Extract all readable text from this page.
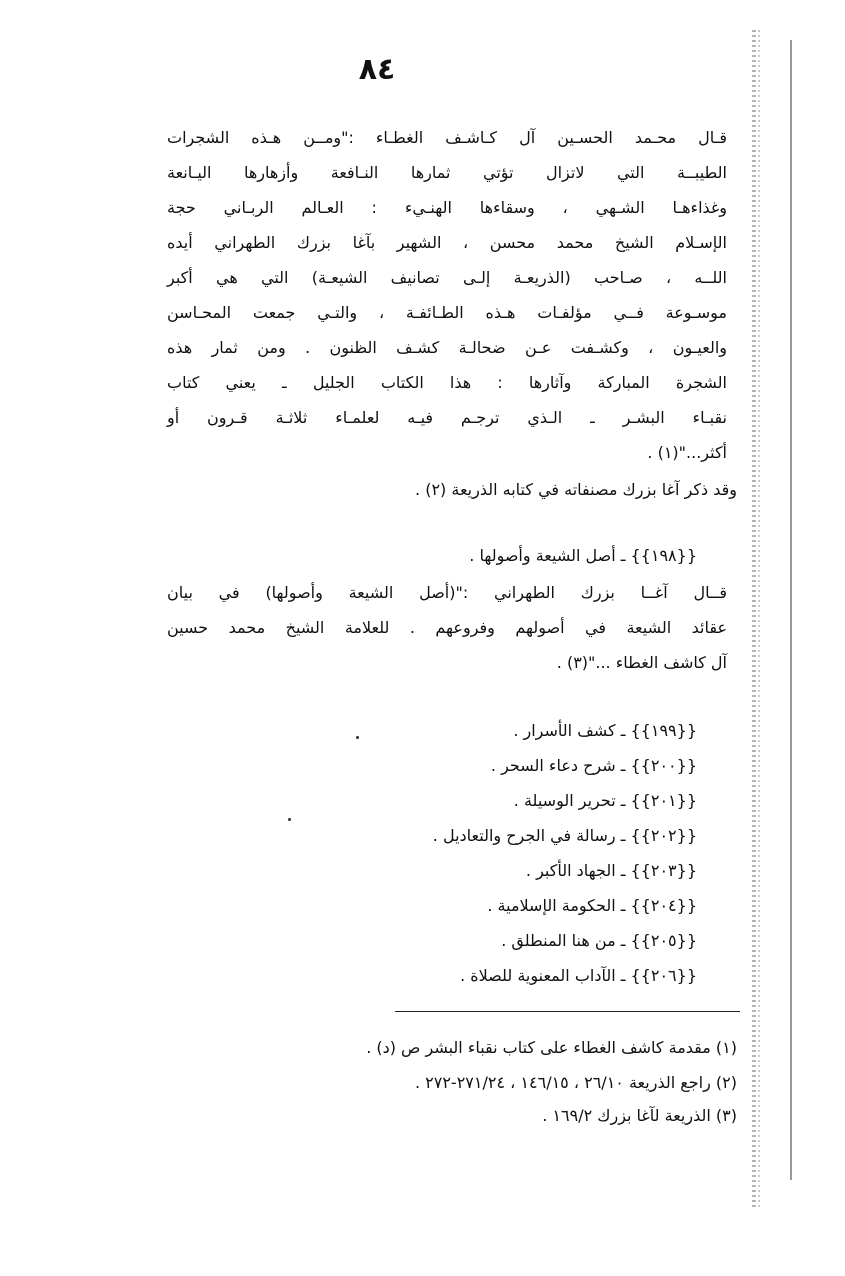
٨٤
قـال محـمد الحسـين آل كـاشـف الغطـاء :"ومــن هـذه الشجرات
الطيبــة التي لاتزال تؤتي ثمارها النـافعة وأزهارها اليـانعة
وغذاءهـا الشـهي ، وسقاءها الهنـيء : العـالم الربـاني حجة
الإسـلام الشيخ محمد محسن ، الشهير بآغا بزرك الطهراني أيده
اللــه ، صـاحب (الذريعـة إلـى تصانيف الشيعـة) التي هي أكبر
موسـوعة فــي مؤلفـات هـذه الطـائفـة ، والتـي جمعت المحـاسن
والعيـون ، وكشـفت عـن ضحالـة كشـف الظنون . ومن ثمار هذه
الشجرة المباركة وآثارها : هذا الكتاب الجليل ـ يعني كتاب
نقبـاء البشـر ـ الـذي ترجـم فيـه لعلمـاء ثلاثـة قـرون أو
أكثر..."(١) .
وقد ذكر آغا بزرك مصنفاته في كتابه الذريعة (٢) .
{{١٩٨}} ـ أصل الشيعة وأصولها .
قــال آغــا بزرك الطهراني :"(أصل الشيعة وأصولها) في بيان
عقائد الشيعة في أصولهم وفروعهم . للعلامة الشيخ محمد حسين
آل كاشف الغطاء ..."(٣) .
{{١٩٩}} ـ كشف الأسرار .
{{٢٠٠}} ـ شرح دعاء السحر .
{{٢٠١}} ـ تحرير الوسيلة .
{{٢٠٢}} ـ رسالة في الجرح والتعاديل .
{{٢٠٣}} ـ الجهاد الأكبر .
{{٢٠٤}} ـ الحكومة الإسلامية .
{{٢٠٥}} ـ من هنا المنطلق .
{{٢٠٦}} ـ الآداب المعنوية للصلاة .
(١) مقدمة كاشف الغطاء على كتاب نقباء البشر ص (د) .
(٢) راجع الذريعة ٢٦/١٠ ، ١٤٦/١٥ ، ٢٧١/٢٤-٢٧٢ .
(٣) الذريعة لآغا بزرك ١٦٩/٢ .
